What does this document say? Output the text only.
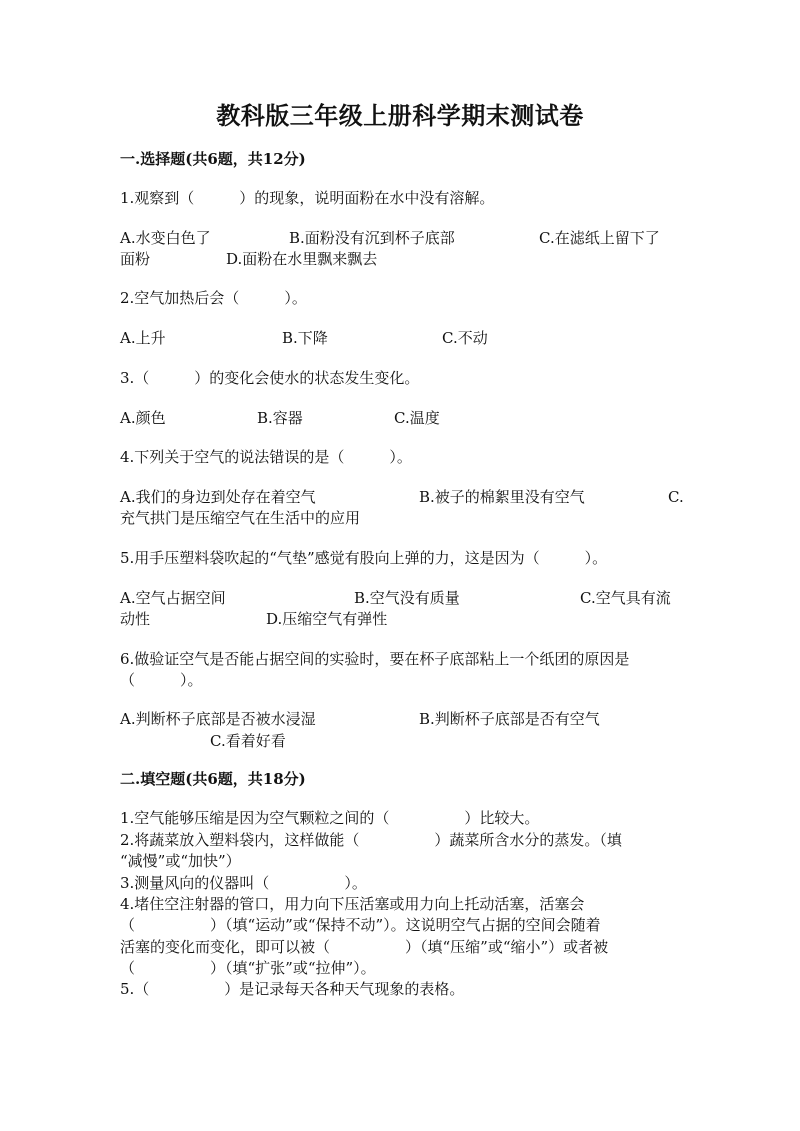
教科版三年级上册科学期末测试卷
一.选择题(共6题，共12分)
1.观察到（　　　）的现象，说明面粉在水中没有溶解。
A.水变白色了	B.面粉没有沉到杯子底部	C.在滤纸上留下了
面粉	D.面粉在水里飘来飘去
2.空气加热后会（　　　）。
A.上升	B.下降	C.不动
3.（　　　）的变化会使水的状态发生变化。
A.颜色	B.容器	C.温度
4.下列关于空气的说法错误的是（　　　）。
A.我们的身边到处存在着空气	B.被子的棉絮里没有空气	C.
充气拱门是压缩空气在生活中的应用
5.用手压塑料袋吹起的“气垫”感觉有股向上弹的力，这是因为（　　　）。
A.空气占据空间	B.空气没有质量	C.空气具有流
动性	D.压缩空气有弹性
6.做验证空气是否能占据空间的实验时，要在杯子底部粘上一个纸团的原因是
（　　　）。
A.判断杯子底部是否被水浸湿	B.判断杯子底部是否有空气
C.看着好看
二.填空题(共6题，共18分)
1.空气能够压缩是因为空气颗粒之间的（　　　　　）比较大。
2.将蔬菜放入塑料袋内，这样做能（　　　　　）蔬菜所含水分的蒸发。（填
“减慢”或“加快”）
3.测量风向的仪器叫（　　　　　）。
4.堵住空注射器的管口，用力向下压活塞或用力向上托动活塞，活塞会
（　　　　　）（填“运动”或“保持不动”）。这说明空气占据的空间会随着
活塞的变化而变化，即可以被（　　　　　）（填“压缩”或“缩小”）或者被
（　　　　　）（填“扩张”或“拉伸”）。
5.（　　　　　）是记录每天各种天气现象的表格。
